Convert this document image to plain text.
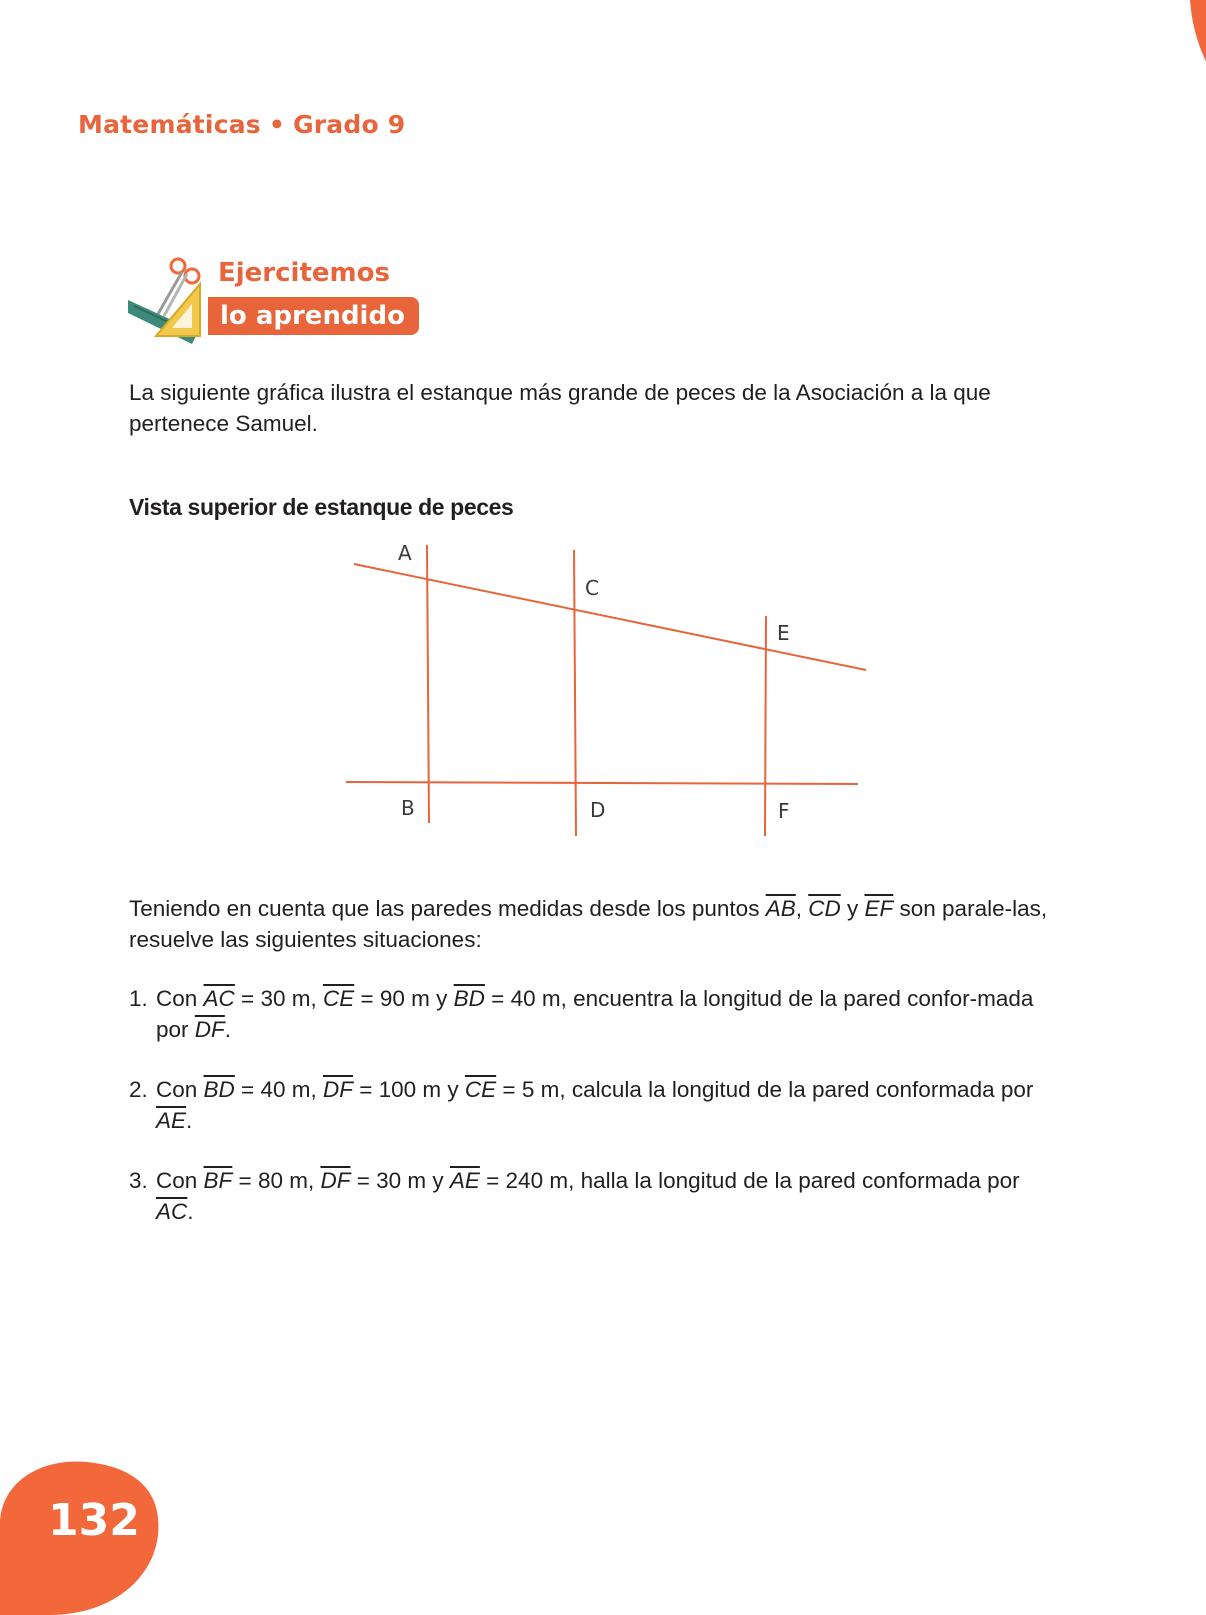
Matemáticas • Grado 9
Ejercitemos
lo aprendido
La siguiente gráfica ilustra el estanque más grande de peces de la Asociación a la que pertenece Samuel.
Vista superior de estanque de peces
A
C
E
B	D	F
Teniendo en cuenta que las paredes medidas desde los puntos $\overline{AB}$, $\overline{CD}$ y $\overline{EF}$ son parale-las, resuelve las siguientes situaciones:
1. Con $\overline{AC} = 30$ m, $\overline{CE} = 90$ m y $\overline{BD} = 40$ m, encuentra la longitud de la pared confor-mada por $\overline{DF}$.
2. Con $\overline{BD} = 40$ m, $\overline{DF} = 100$ m y $\overline{CE} = 5$ m, calcula la longitud de la pared conformada por $\overline{AE}$.
3. Con $\overline{BF} = 80$ m, $\overline{DF} = 30$ m y $\overline{AE} = 240$ m, halla la longitud de la pared conformada por $\overline{AC}$.
132
